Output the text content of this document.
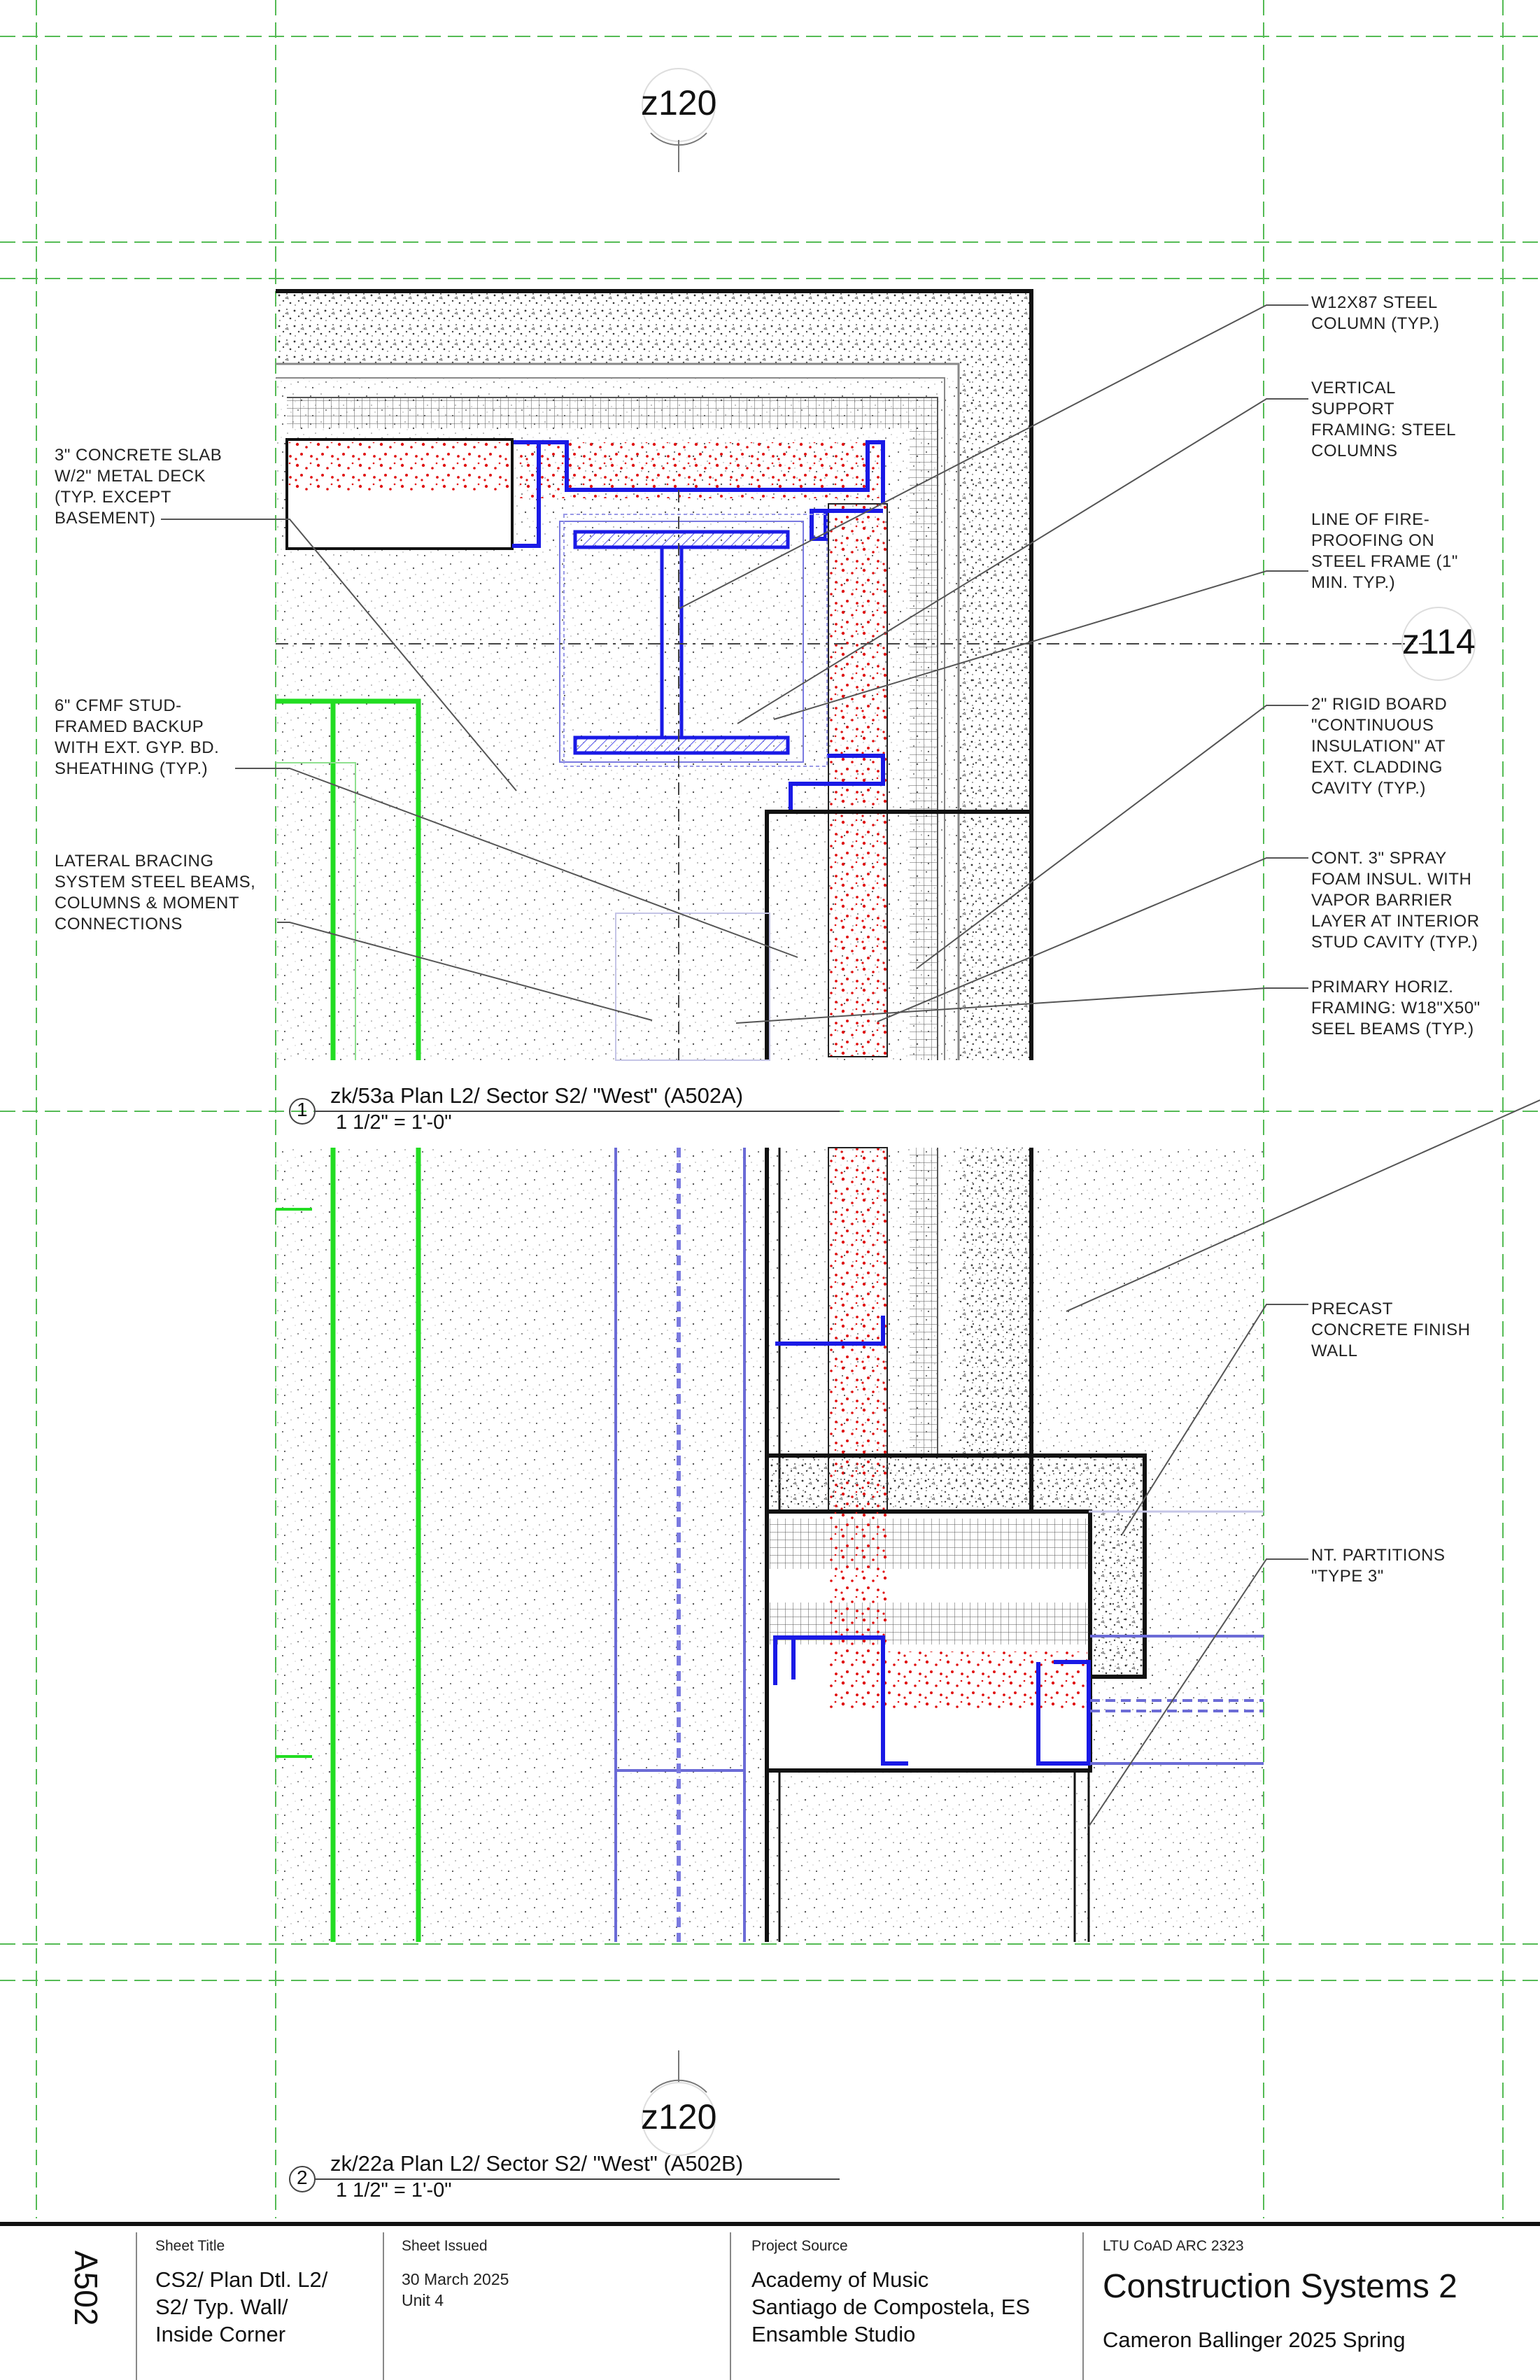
z120
z114
z120
3" CONCRETE SLAB
W/2" METAL DECK
(TYP. EXCEPT
BASEMENT)
6" CFMF STUD-
FRAMED BACKUP
WITH EXT. GYP. BD.
SHEATHING (TYP.)
LATERAL BRACING
SYSTEM STEEL BEAMS,
COLUMNS & MOMENT
CONNECTIONS
W12X87 STEEL
COLUMN (TYP.)
VERTICAL
SUPPORT
FRAMING: STEEL
COLUMNS
LINE OF FIRE-
PROOFING ON
STEEL FRAME (1"
MIN. TYP.)
2" RIGID BOARD
"CONTINUOUS
INSULATION" AT
EXT. CLADDING
CAVITY (TYP.)
CONT. 3" SPRAY
FOAM INSUL. WITH
VAPOR BARRIER
LAYER AT INTERIOR
STUD CAVITY (TYP.)
PRIMARY HORIZ.
FRAMING: W18"X50"
SEEL BEAMS (TYP.)
PRECAST
CONCRETE FINISH
WALL
NT. PARTITIONS
"TYPE 3"
1
zk/53a Plan L2/ Sector S2/ "West" (A502A)
1 1/2" = 1'-0"
2
zk/22a Plan L2/ Sector S2/ "West" (A502B)
1 1/2" = 1'-0"
A502
Sheet Title
CS2/ Plan Dtl. L2/
S2/ Typ. Wall/
Inside Corner
Sheet Issued
30 March 2025
Unit 4
Project Source
Academy of Music
Santiago de Compostela, ES
Ensamble Studio
LTU CoAD ARC 2323
Construction Systems 2
Cameron Ballinger 2025 Spring
